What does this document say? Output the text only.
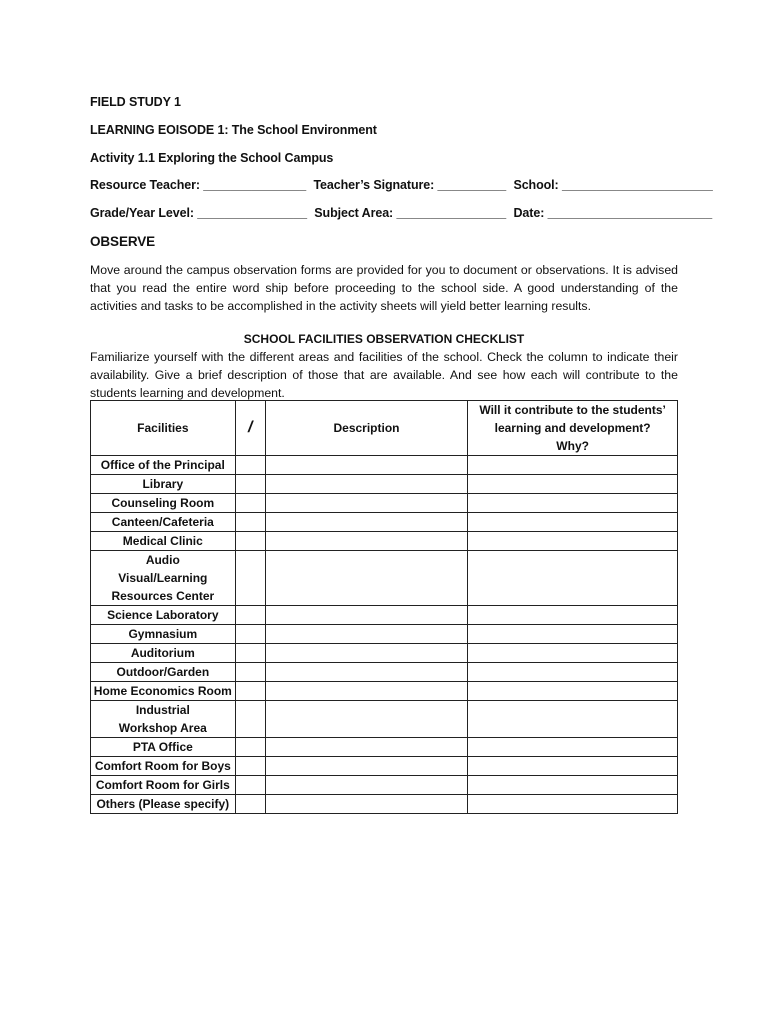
FIELD STUDY 1
LEARNING EOISODE 1: The School Environment
Activity 1.1 Exploring the School Campus
Resource Teacher: _______________ Teacher’s Signature: __________ School: ______________________
Grade/Year Level: ________________ Subject Area: ________________ Date: ________________________
OBSERVE
Move around the campus observation forms are provided for you to document or observations. It is advised that you read the entire word ship before proceeding to the school side. A good understanding of the activities and tasks to be accomplished in the activity sheets will yield better learning results.
SCHOOL FACILITIES OBSERVATION CHECKLIST
Familiarize yourself with the different areas and facilities of the school. Check the column to indicate their availability. Give a brief description of those that are available. And see how each will contribute to the students learning and development.
Facilities	/	Description	Will it contribute to the students’ learning and development? Why?
Office of the Principal			
Library			
Counseling Room			
Canteen/Cafeteria			
Medical Clinic			
Audio Visual/Learning Resources Center			
Science Laboratory			
Gymnasium			
Auditorium			
Outdoor/Garden			
Home Economics Room			
Industrial Workshop Area			
PTA Office			
Comfort Room for Boys			
Comfort Room for Girls			
Others (Please specify)			
